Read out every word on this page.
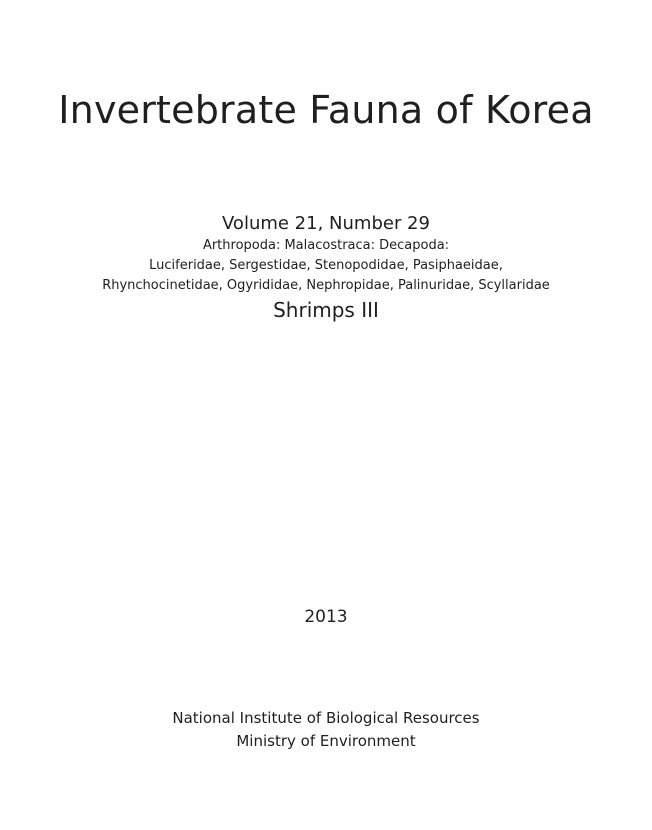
Invertebrate Fauna of Korea
Volume 21, Number 29
Arthropoda: Malacostraca: Decapoda:
Luciferidae, Sergestidae, Stenopodidae, Pasiphaeidae,
Rhynchocinetidae, Ogyrididae, Nephropidae, Palinuridae, Scyllaridae
Shrimps III
2013
National Institute of Biological Resources
Ministry of Environment
